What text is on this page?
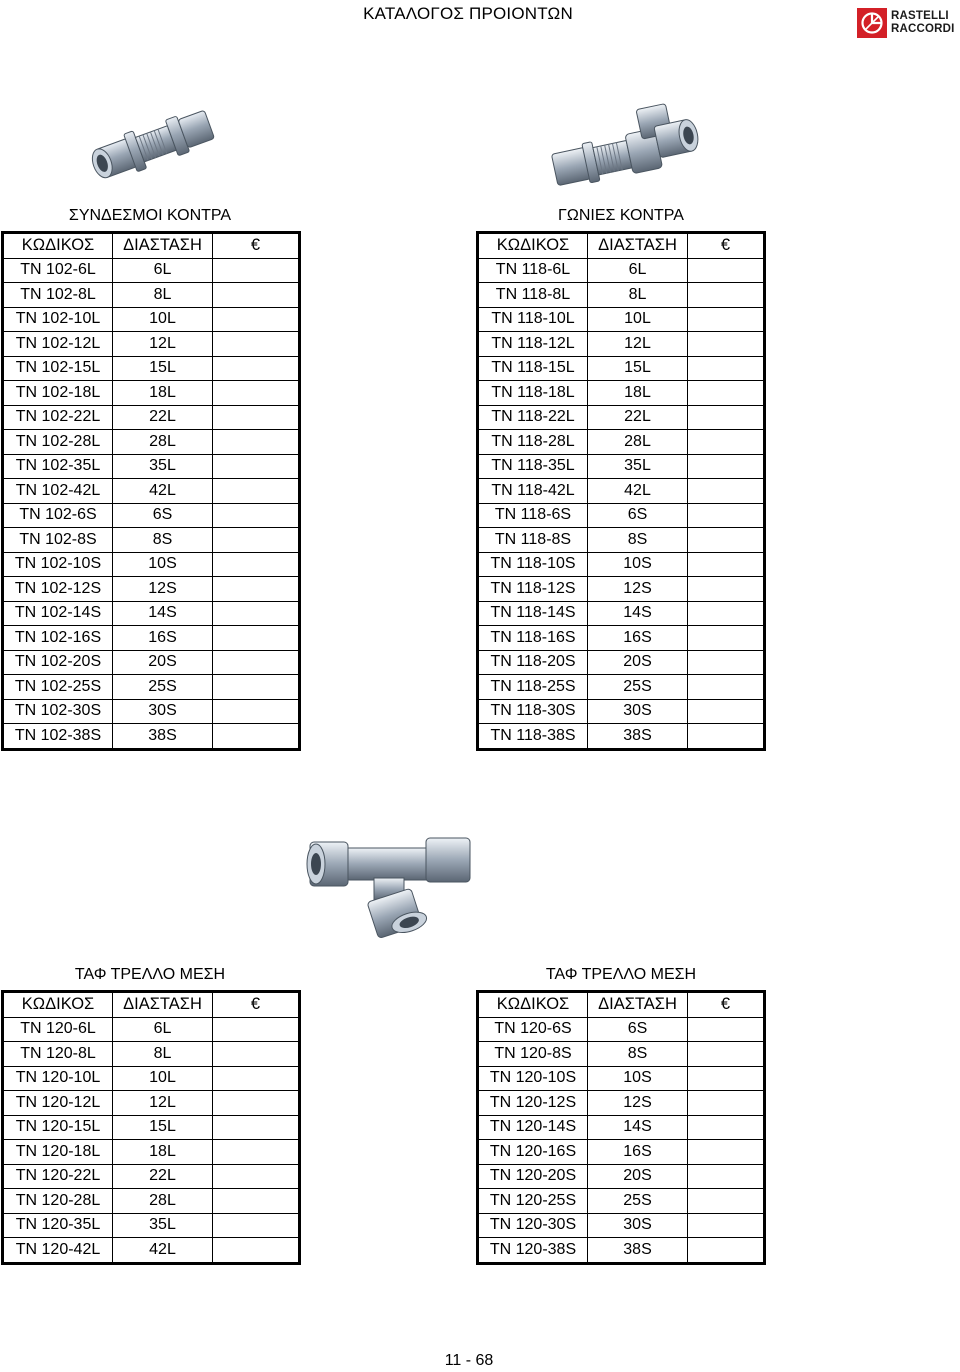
ΚΑΤΑΛΟΓΟΣ ΠΡΟΙΟΝΤΩΝ	RASTELLI
RACCORDI
ΣΥΝΔΕΣΜΟΙ ΚΟΝΤΡΑ	ΓΩΝΙΕΣ ΚΟΝΤΡΑ
ΤΑΦ ΤΡΕΛΛΟ ΜΕΣΗ	ΤΑΦ ΤΡΕΛΛΟ ΜΕΣΗ
ΚΩΔΙΚΟΣ	ΔΙΑΣΤΑΣΗ	€
TN 102-6L	6L	
TN 102-8L	8L	
TN 102-10L	10L	
TN 102-12L	12L	
TN 102-15L	15L	
TN 102-18L	18L	
TN 102-22L	22L	
TN 102-28L	28L	
TN 102-35L	35L	
TN 102-42L	42L	
TN 102-6S	6S	
TN 102-8S	8S	
TN 102-10S	10S	
TN 102-12S	12S	
TN 102-14S	14S	
TN 102-16S	16S	
TN 102-20S	20S	
TN 102-25S	25S	
TN 102-30S	30S	
TN 102-38S	38S	
ΚΩΔΙΚΟΣ	ΔΙΑΣΤΑΣΗ	€
TN 118-6L	6L	
TN 118-8L	8L	
TN 118-10L	10L	
TN 118-12L	12L	
TN 118-15L	15L	
TN 118-18L	18L	
TN 118-22L	22L	
TN 118-28L	28L	
TN 118-35L	35L	
TN 118-42L	42L	
TN 118-6S	6S	
TN 118-8S	8S	
TN 118-10S	10S	
TN 118-12S	12S	
TN 118-14S	14S	
TN 118-16S	16S	
TN 118-20S	20S	
TN 118-25S	25S	
TN 118-30S	30S	
TN 118-38S	38S	
ΚΩΔΙΚΟΣ	ΔΙΑΣΤΑΣΗ	€
TN 120-6L	6L	
TN 120-8L	8L	
TN 120-10L	10L	
TN 120-12L	12L	
TN 120-15L	15L	
TN 120-18L	18L	
TN 120-22L	22L	
TN 120-28L	28L	
TN 120-35L	35L	
TN 120-42L	42L	
ΚΩΔΙΚΟΣ	ΔΙΑΣΤΑΣΗ	€
TN 120-6S	6S	
TN 120-8S	8S	
TN 120-10S	10S	
TN 120-12S	12S	
TN 120-14S	14S	
TN 120-16S	16S	
TN 120-20S	20S	
TN 120-25S	25S	
TN 120-30S	30S	
TN 120-38S	38S	
11 - 68
